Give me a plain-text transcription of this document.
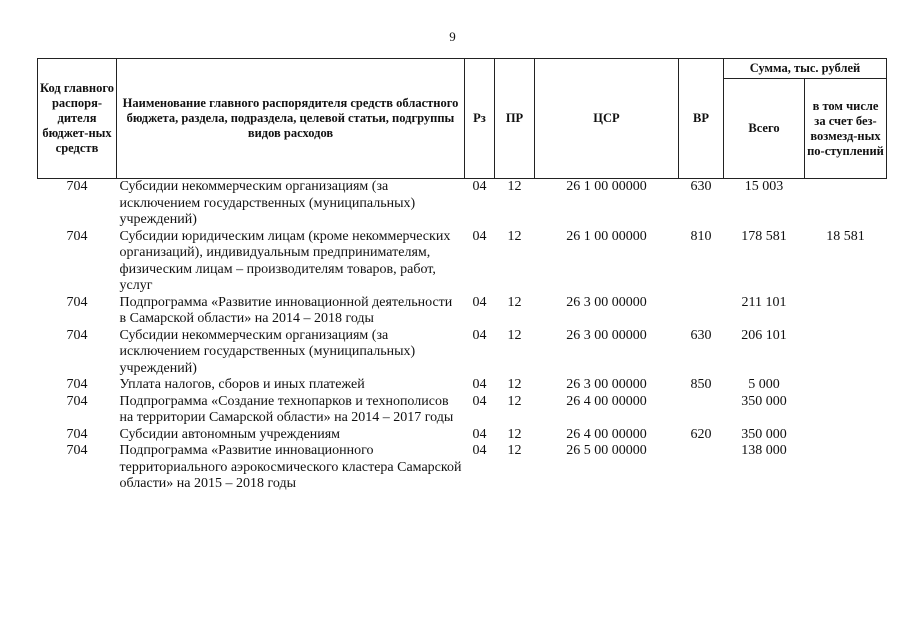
9
Код главного распоря-дителя бюджет-ных средств	Наименование главного распорядителя средств областного бюджета, раздела, подраздела, целевой статьи, подгруппы видов расходов	Рз	ПР	ЦСР	ВР	Сумма, тыс. рублей	
						Всего	в том числе за счет без-возмезд-ных по-ступлений
704	Субсидии некоммерческим организациям (за исключением государственных (муниципальных) учреждений)	04	12	26 1 00 00000	630	15 003	
704	Субсидии юридическим лицам (кроме некоммерческих организаций), индивидуальным предпринимателям, физическим лицам – производителям товаров, работ, услуг	04	12	26 1 00 00000	810	178 581	18 581
704	Подпрограмма «Развитие инновационной деятельности в Самарской области» на 2014 – 2018 годы	04	12	26 3 00 00000		211 101	
704	Субсидии некоммерческим организациям (за исключением государственных (муниципальных) учреждений)	04	12	26 3 00 00000	630	206 101	
704	Уплата налогов, сборов и иных платежей	04	12	26 3 00 00000	850	5 000	
704	Подпрограмма «Создание технопарков и технополисов на территории Самарской области» на 2014 – 2017 годы	04	12	26 4 00 00000		350 000	
704	Субсидии автономным учреждениям	04	12	26 4 00 00000	620	350 000	
704	Подпрограмма «Развитие инновационного территориального аэрокосмического кластера Самарской области» на 2015 – 2018 годы	04	12	26 5 00 00000		138 000	
